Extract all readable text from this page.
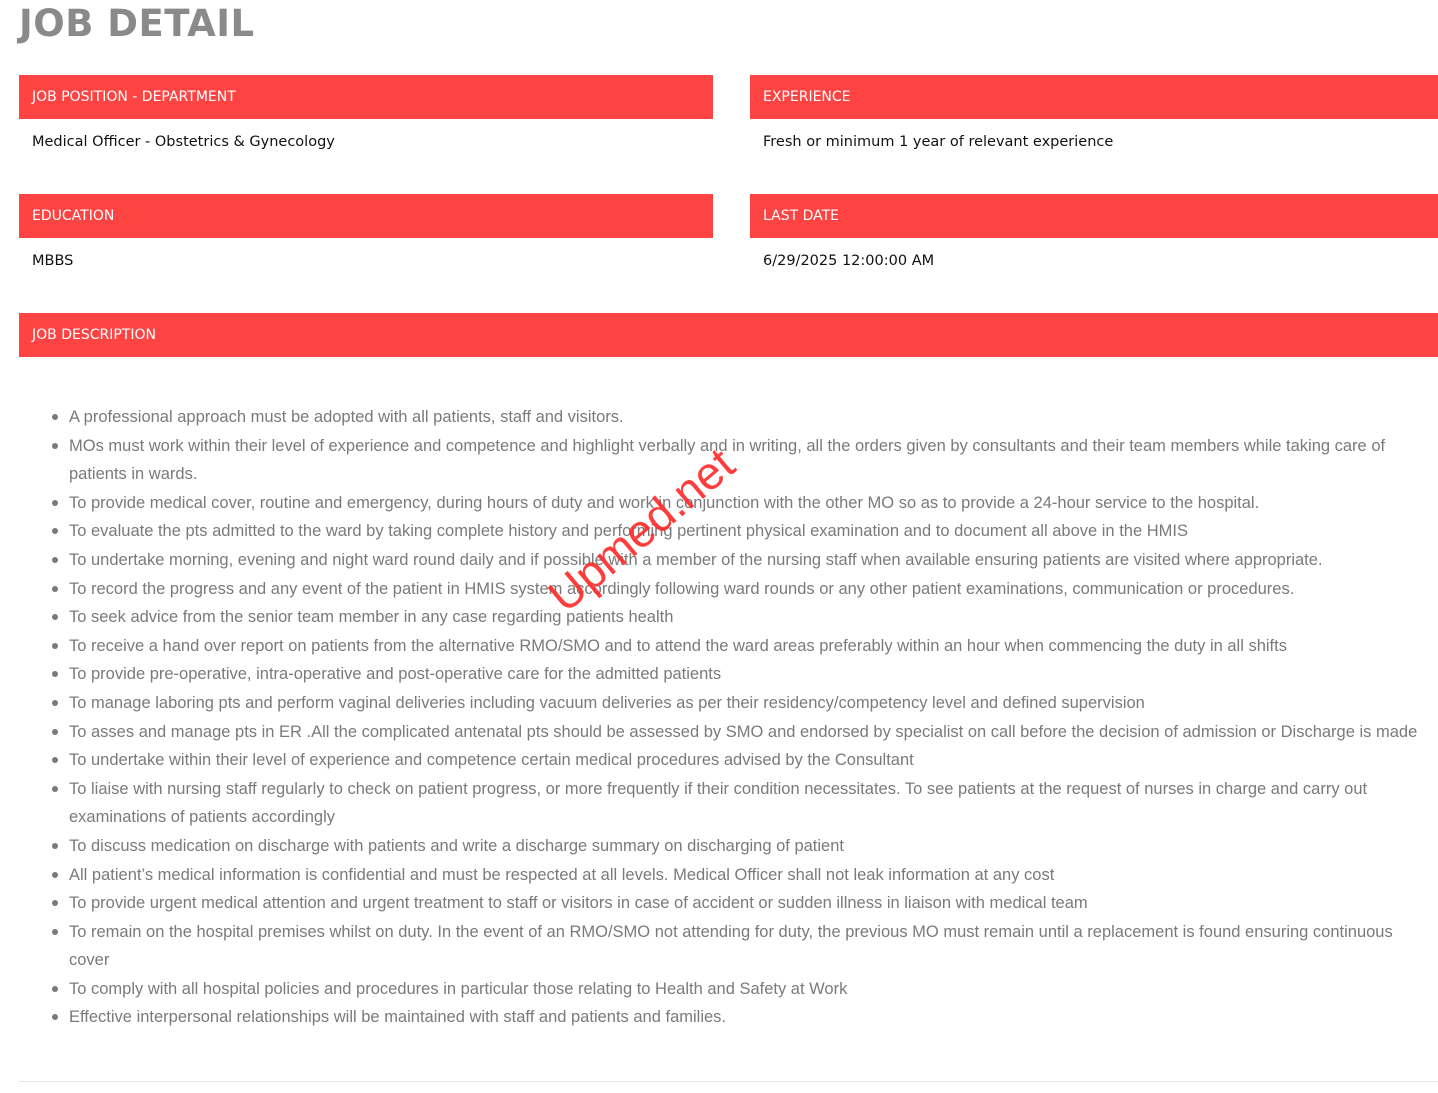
JOB DETAIL
JOB POSITION - DEPARTMENT
Medical Officer - Obstetrics & Gynecology
EXPERIENCE
Fresh or minimum 1 year of relevant experience
EDUCATION
MBBS
LAST DATE
6/29/2025 12:00:00 AM
JOB DESCRIPTION
A professional approach must be adopted with all patients, staff and visitors.
MOs must work within their level of experience and competence and highlight verbally and in writing, all the orders given by consultants and their team members while taking care of patients in wards.
To provide medical cover, routine and emergency, during hours of duty and work in conjunction with the other MO so as to provide a 24-hour service to the hospital.
To evaluate the pts admitted to the ward by taking complete history and performing pertinent physical examination and to document all above in the HMIS
To undertake morning, evening and night ward round daily and if possible with a member of the nursing staff when available ensuring patients are visited where appropriate.
To record the progress and any event of the patient in HMIS system accordingly following ward rounds or any other patient examinations, communication or procedures.
To seek advice from the senior team member in any case regarding patients health
To receive a hand over report on patients from the alternative RMO/SMO and to attend the ward areas preferably within an hour when commencing the duty in all shifts
To provide pre-operative, intra-operative and post-operative care for the admitted patients
To manage laboring pts and perform vaginal deliveries including vacuum deliveries as per their residency/competency level and defined supervision
To asses and manage pts in ER .All the complicated antenatal pts should be assessed by SMO and endorsed by specialist on call before the decision of admission or Discharge is made
To undertake within their level of experience and competence certain medical procedures advised by the Consultant
To liaise with nursing staff regularly to check on patient progress, or more frequently if their condition necessitates. To see patients at the request of nurses in charge and carry out examinations of patients accordingly
To discuss medication on discharge with patients and write a discharge summary on discharging of patient
All patient’s medical information is confidential and must be respected at all levels. Medical Officer shall not leak information at any cost
To provide urgent medical attention and urgent treatment to staff or visitors in case of accident or sudden illness in liaison with medical team
To remain on the hospital premises whilst on duty. In the event of an RMO/SMO not attending for duty, the previous MO must remain until a replacement is found ensuring continuous cover
To comply with all hospital policies and procedures in particular those relating to Health and Safety at Work
Effective interpersonal relationships will be maintained with staff and patients and families.
Upmed.net
